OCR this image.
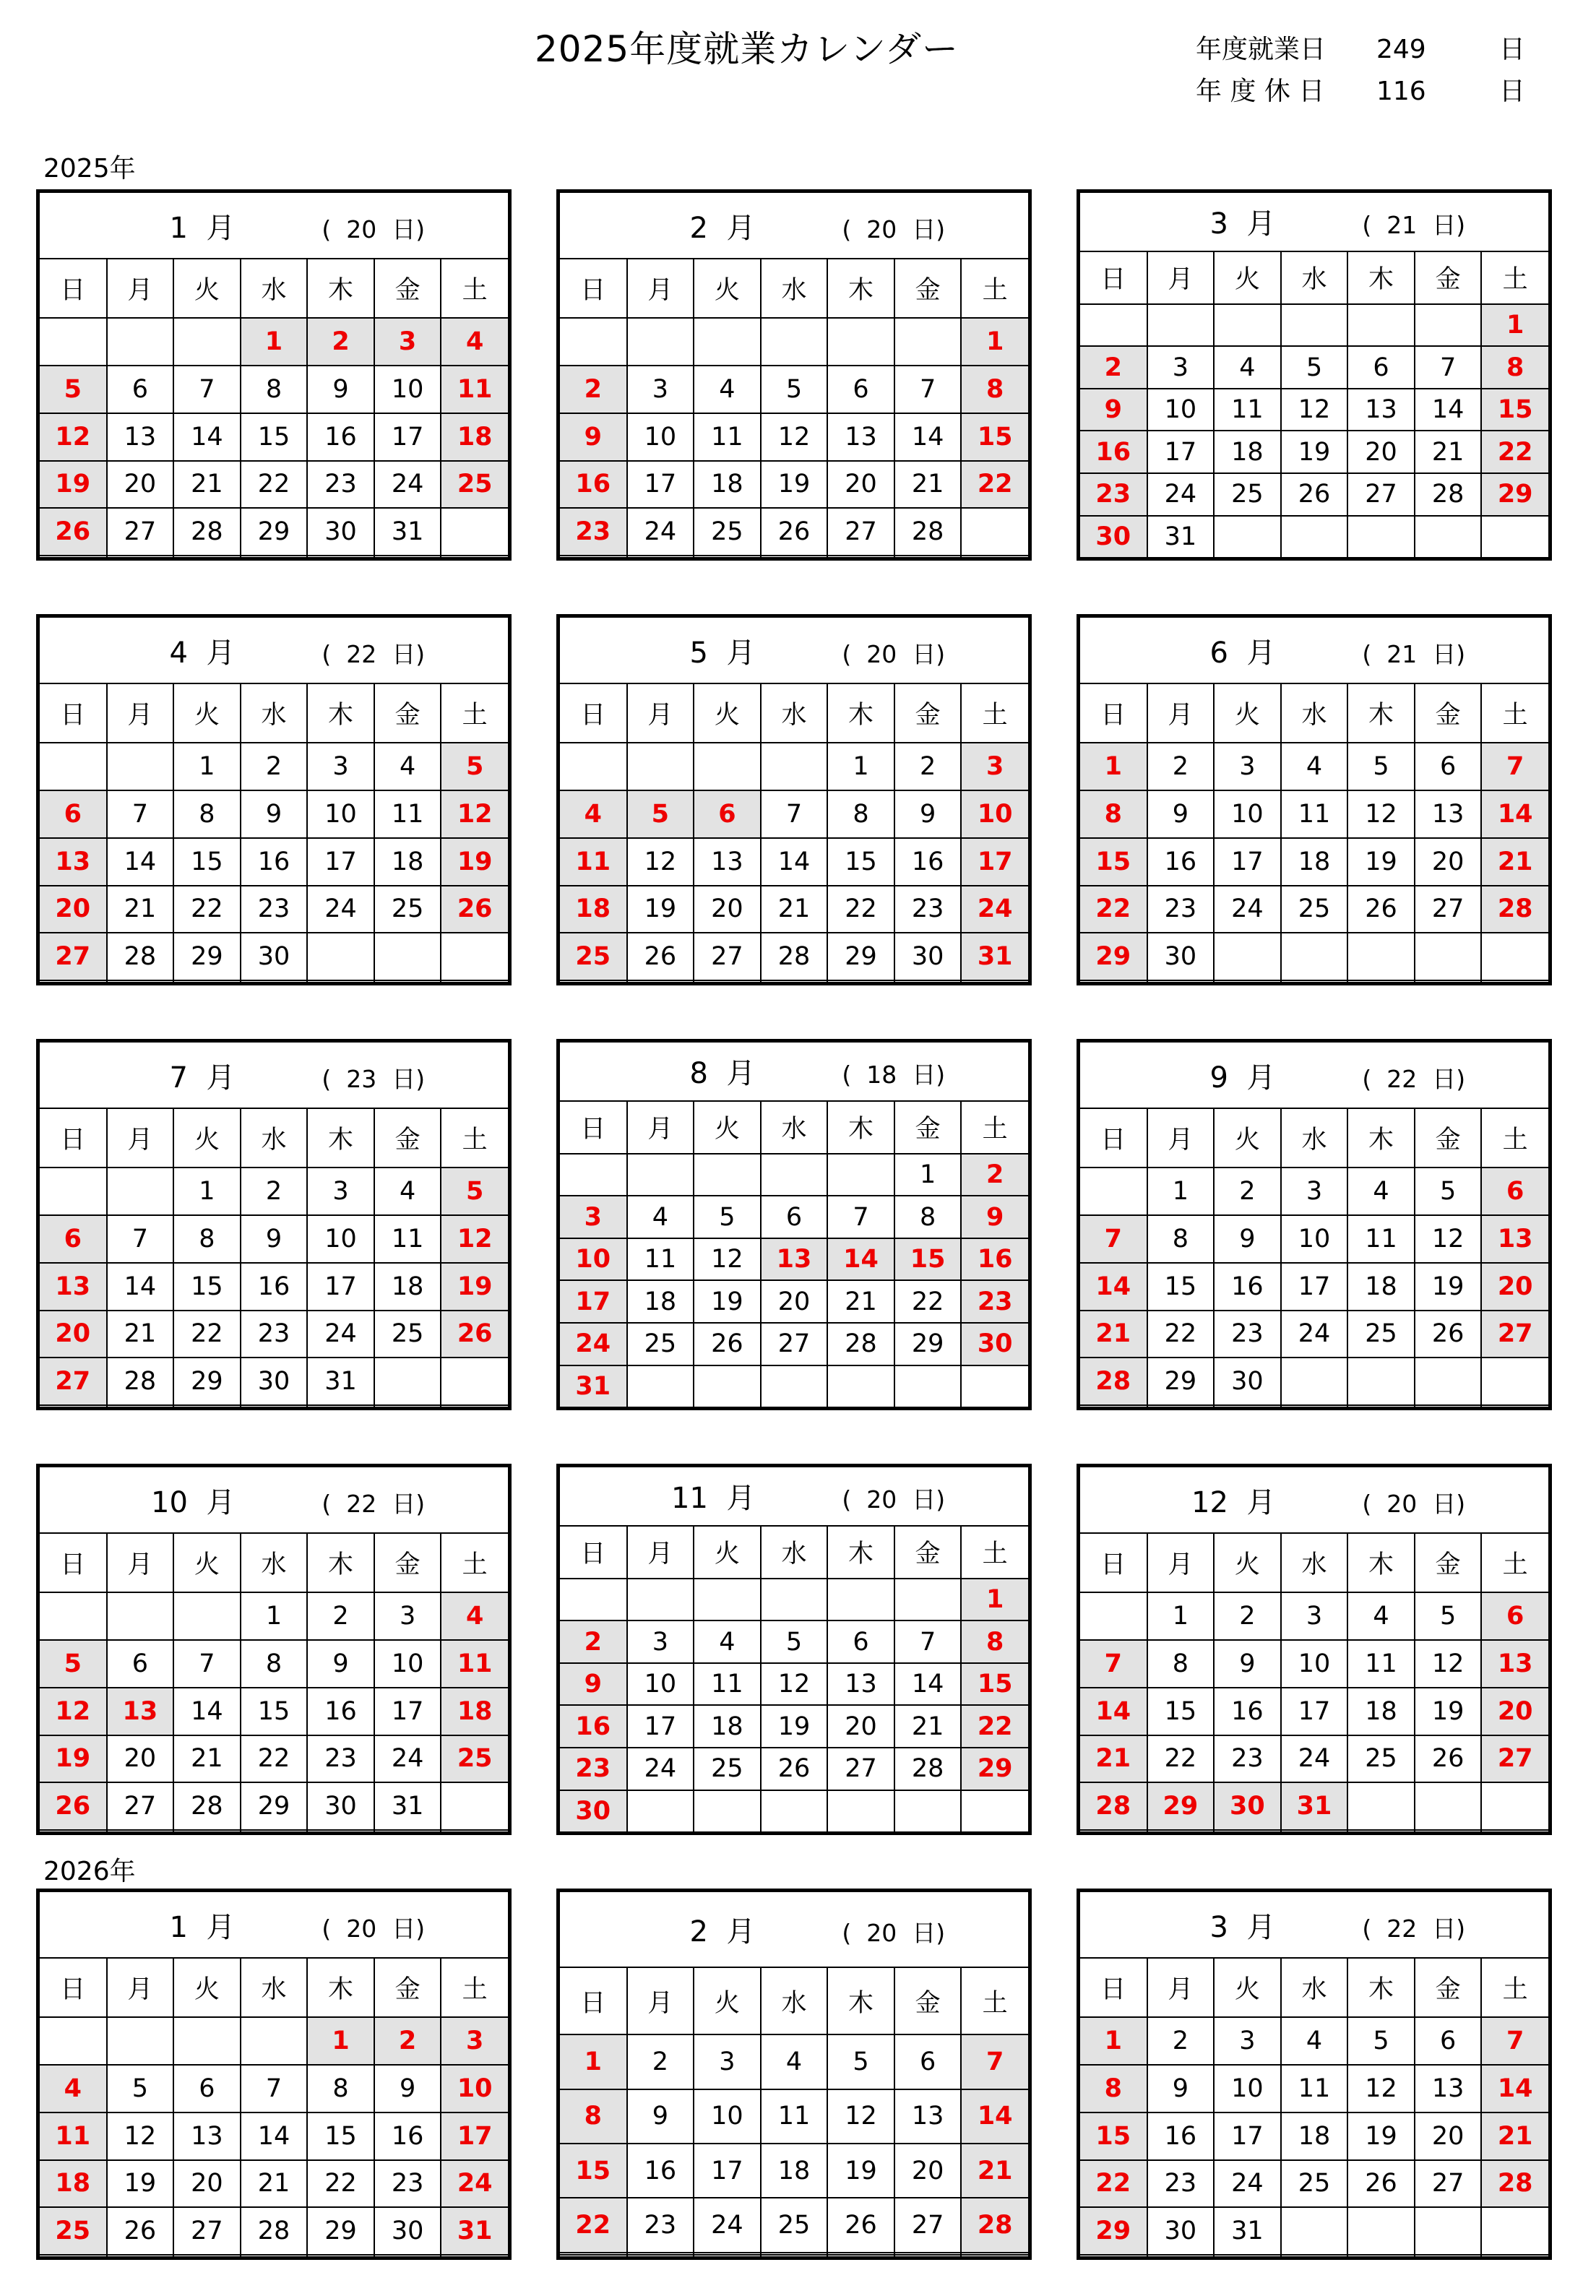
2025年度就業カレンダー	年度就業日	249	日
年 度 休 日	116	日
2025年
2026年
1  月 (  20  日)						
日	月	火	水	木	金	土
			1	2	3	4
5	6	7	8	9	10	11
12	13	14	15	16	17	18
19	20	21	22	23	24	25
26	27	28	29	30	31	

2  月 (  20  日)						
日	月	火	水	木	金	土
						1
2	3	4	5	6	7	8
9	10	11	12	13	14	15
16	17	18	19	20	21	22
23	24	25	26	27	28	

3  月 (  21  日)						
日	月	火	水	木	金	土
						1
2	3	4	5	6	7	8
9	10	11	12	13	14	15
16	17	18	19	20	21	22
23	24	25	26	27	28	29
30	31					
4  月 (  22  日)						
日	月	火	水	木	金	土
		1	2	3	4	5
6	7	8	9	10	11	12
13	14	15	16	17	18	19
20	21	22	23	24	25	26
27	28	29	30			

5  月 (  20  日)						
日	月	火	水	木	金	土
				1	2	3
4	5	6	7	8	9	10
11	12	13	14	15	16	17
18	19	20	21	22	23	24
25	26	27	28	29	30	31

6  月 (  21  日)						
日	月	火	水	木	金	土
1	2	3	4	5	6	7
8	9	10	11	12	13	14
15	16	17	18	19	20	21
22	23	24	25	26	27	28
29	30					

7  月 (  23  日)						
日	月	火	水	木	金	土
		1	2	3	4	5
6	7	8	9	10	11	12
13	14	15	16	17	18	19
20	21	22	23	24	25	26
27	28	29	30	31		

8  月 (  18  日)						
日	月	火	水	木	金	土
					1	2
3	4	5	6	7	8	9
10	11	12	13	14	15	16
17	18	19	20	21	22	23
24	25	26	27	28	29	30
31						
9  月 (  22  日)						
日	月	火	水	木	金	土
	1	2	3	4	5	6
7	8	9	10	11	12	13
14	15	16	17	18	19	20
21	22	23	24	25	26	27
28	29	30				

10  月 (  22  日)						
日	月	火	水	木	金	土
			1	2	3	4
5	6	7	8	9	10	11
12	13	14	15	16	17	18
19	20	21	22	23	24	25
26	27	28	29	30	31	

11  月 (  20  日)						
日	月	火	水	木	金	土
						1
2	3	4	5	6	7	8
9	10	11	12	13	14	15
16	17	18	19	20	21	22
23	24	25	26	27	28	29
30						
12  月 (  20  日)						
日	月	火	水	木	金	土
	1	2	3	4	5	6
7	8	9	10	11	12	13
14	15	16	17	18	19	20
21	22	23	24	25	26	27
28	29	30	31			

1  月 (  20  日)						
日	月	火	水	木	金	土
				1	2	3
4	5	6	7	8	9	10
11	12	13	14	15	16	17
18	19	20	21	22	23	24
25	26	27	28	29	30	31

2  月 (  20  日)						
日	月	火	水	木	金	土
1	2	3	4	5	6	7
8	9	10	11	12	13	14
15	16	17	18	19	20	21
22	23	24	25	26	27	28

3  月 (  22  日)						
日	月	火	水	木	金	土
1	2	3	4	5	6	7
8	9	10	11	12	13	14
15	16	17	18	19	20	21
22	23	24	25	26	27	28
29	30	31				
